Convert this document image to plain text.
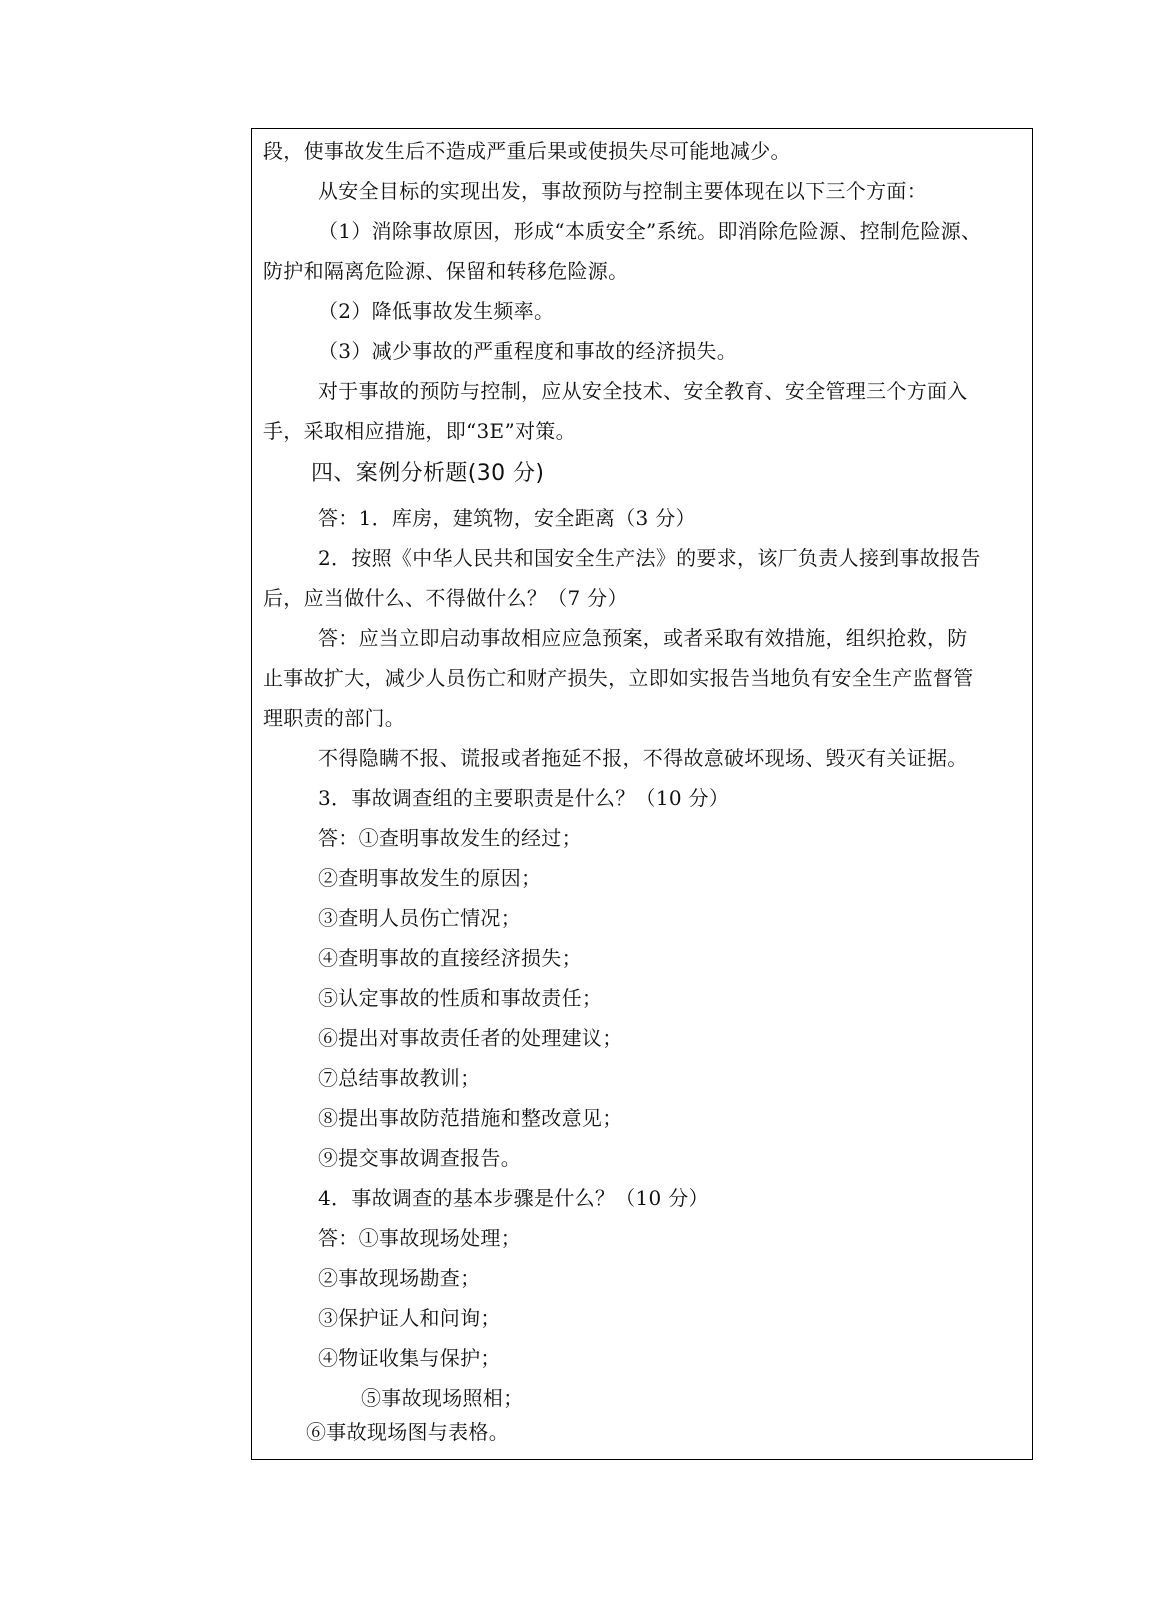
段，使事故发生后不造成严重后果或使损失尽可能地减少。
从安全目标的实现出发，事故预防与控制主要体现在以下三个方面：
（1）消除事故原因，形成“本质安全”系统。即消除危险源、控制危险源、
防护和隔离危险源、保留和转移危险源。
（2）降低事故发生频率。
（3）减少事故的严重程度和事故的经济损失。
对于事故的预防与控制，应从安全技术、安全教育、安全管理三个方面入
手，采取相应措施，即“3E”对策。
四、案例分析题(30 分)
答：1．库房，建筑物，安全距离（3 分）
2．按照《中华人民共和国安全生产法》的要求，该厂负责人接到事故报告
后，应当做什么、不得做什么？（7 分）
答：应当立即启动事故相应应急预案，或者采取有效措施，组织抢救，防
止事故扩大，减少人员伤亡和财产损失，立即如实报告当地负有安全生产监督管
理职责的部门。
不得隐瞒不报、谎报或者拖延不报，不得故意破坏现场、毁灭有关证据。
3．事故调查组的主要职责是什么？（10 分）
答：①查明事故发生的经过；
②查明事故发生的原因；
③查明人员伤亡情况；
④查明事故的直接经济损失；
⑤认定事故的性质和事故责任；
⑥提出对事故责任者的处理建议；
⑦总结事故教训；
⑧提出事故防范措施和整改意见；
⑨提交事故调查报告。
4．事故调查的基本步骤是什么？（10 分）
答：①事故现场处理；
②事故现场勘查；
③保护证人和问询；
④物证收集与保护；
⑤事故现场照相；
⑥事故现场图与表格。
